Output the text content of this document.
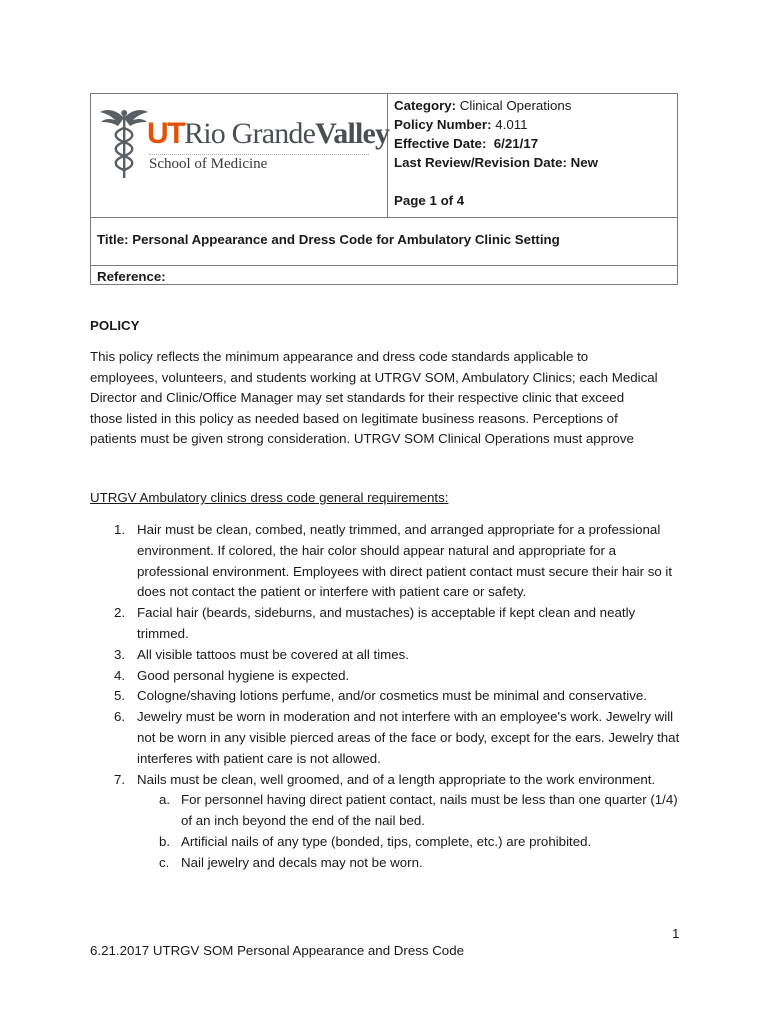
UTRio GrandeValley
School of Medicine
Category: Clinical Operations
Policy Number: 4.011
Effective Date: 6/21/17
Last Review/Revision Date: New
Page 1 of 4
Title: Personal Appearance and Dress Code for Ambulatory Clinic Setting
Reference:
POLICY

This policy reflects the minimum appearance and dress code standards applicable to
employees, volunteers, and students working at UTRGV SOM, Ambulatory Clinics; each Medical
Director and Clinic/Office Manager may set standards for their respective clinic that exceed
those listed in this policy as needed based on legitimate business reasons. Perceptions of
patients must be given strong consideration. UTRGV SOM Clinical Operations must approve

UTRGV Ambulatory clinics dress code general requirements:
1. Hair must be clean, combed, neatly trimmed, and arranged appropriate for a professional environment. If colored, the hair color should appear natural and appropriate for a professional environment. Employees with direct patient contact must secure their hair so it does not contact the patient or interfere with patient care or safety.
2. Facial hair (beards, sideburns, and mustaches) is acceptable if kept clean and neatly trimmed.
3. All visible tattoos must be covered at all times.
4. Good personal hygiene is expected.
5. Cologne/shaving lotions perfume, and/or cosmetics must be minimal and conservative.
6. Jewelry must be worn in moderation and not interfere with an employee's work. Jewelry will not be worn in any visible pierced areas of the face or body, except for the ears. Jewelry that interferes with patient care is not allowed.
7. Nails must be clean, well groomed, and of a length appropriate to the work environment.
a. For personnel having direct patient contact, nails must be less than one quarter (1/4) of an inch beyond the end of the nail bed.
b. Artificial nails of any type (bonded, tips, complete, etc.) are prohibited.
c. Nail jewelry and decals may not be worn.
1
6.21.2017 UTRGV SOM Personal Appearance and Dress Code
